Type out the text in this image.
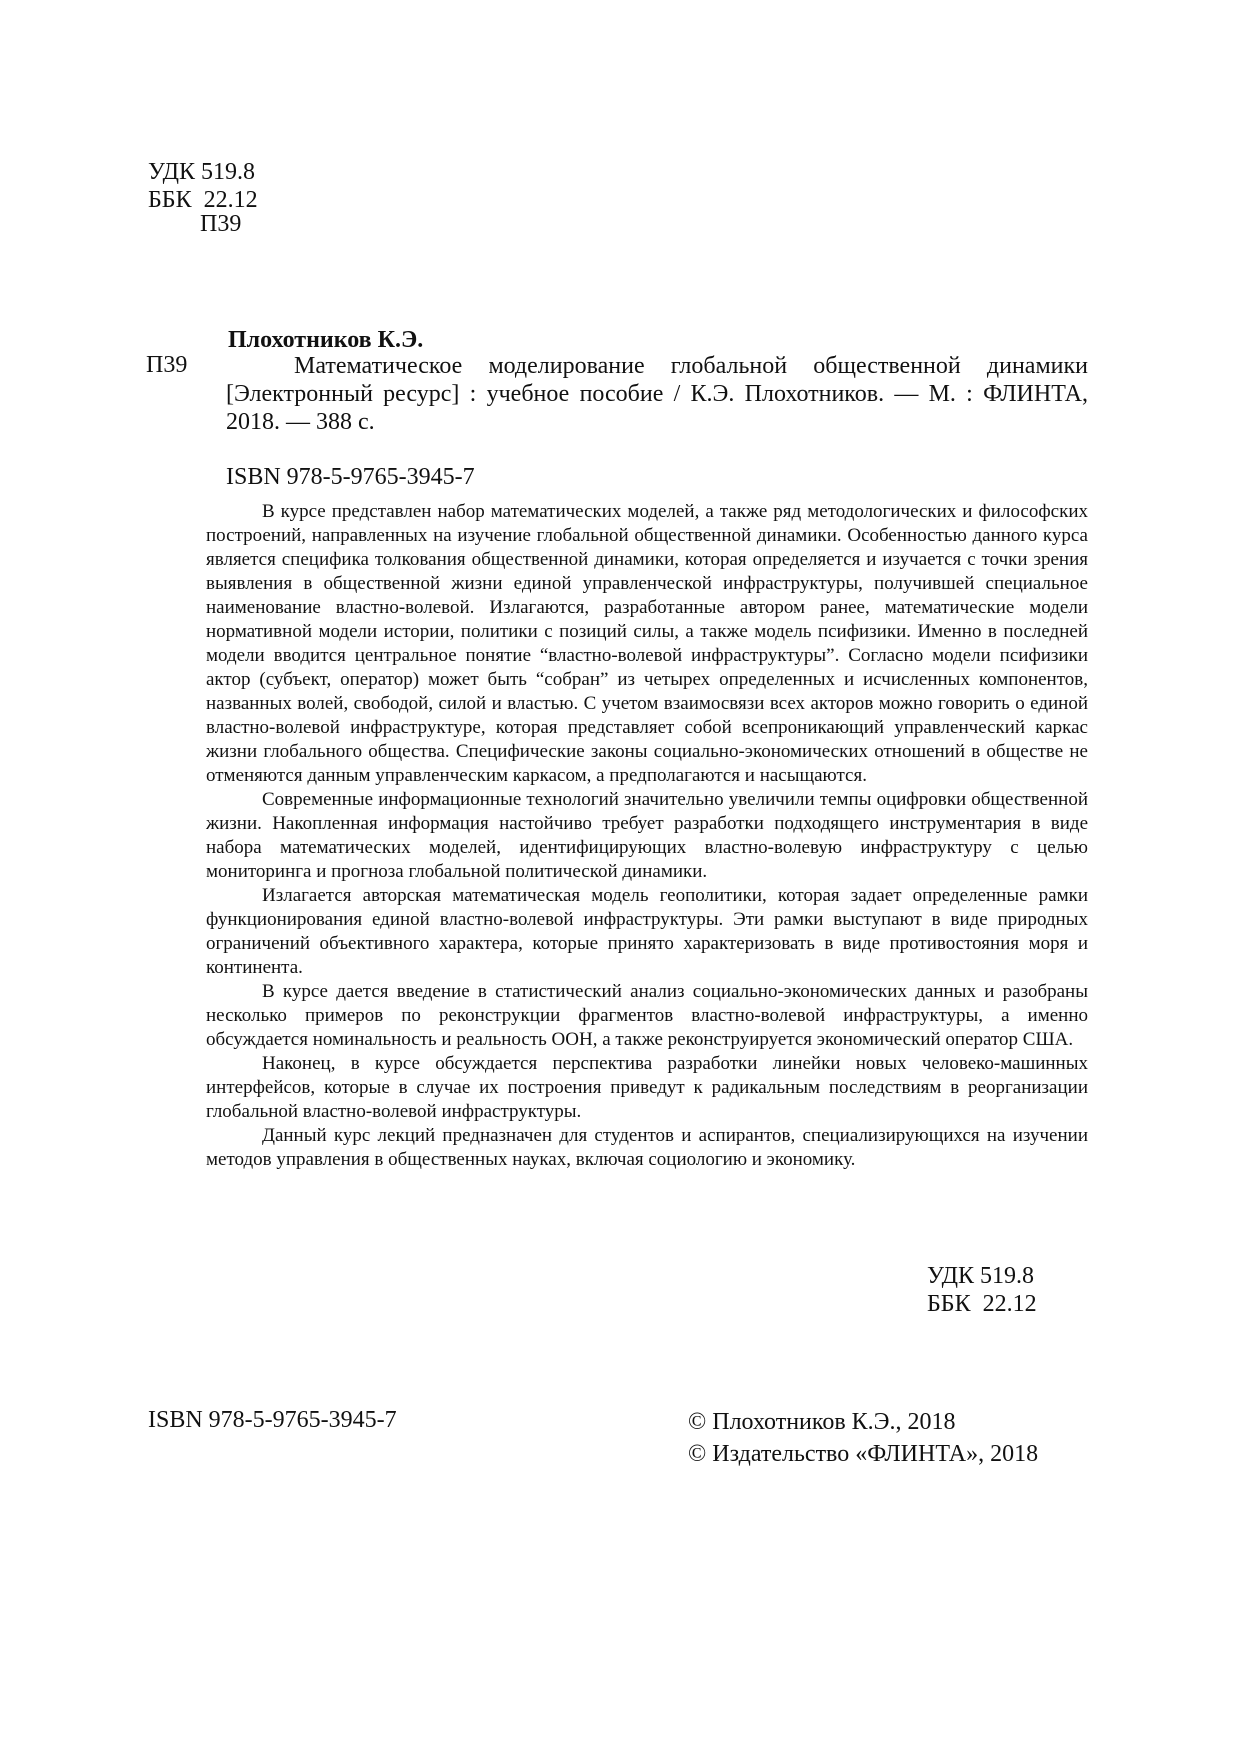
УДК 519.8
ББК  22.12
П39
П39
Плохотников К.Э.
Математическое моделирование глобальной общественной динамики [Электронный ресурс] : учебное пособие / К.Э. Плохотников. — М. : ФЛИНТА, 2018. — 388 с.
ISBN 978-5-9765-3945-7

В курсе представлен набор математических моделей, а также ряд методологических и философских построений, направленных на изучение глобальной общественной динамики. Особенностью данного курса является специфика толкования общественной динамики, которая определяется и изучается с точки зрения выявления в общественной жизни единой управленческой инфраструктуры, получившей специальное наименование властно-волевой. Излагаются, разработанные автором ранее, математические модели нормативной модели истории, политики с позиций силы, а также модель псифизики. Именно в последней модели вводится центральное понятие “властно-волевой инфраструктуры”. Согласно модели псифизики актор (субъект, оператор) может быть “собран” из четырех определенных и исчисленных компонентов, названных волей, свободой, силой и властью. С учетом взаимосвязи всех акторов можно говорить о единой властно-волевой инфраструктуре, которая представляет собой всепроникающий управленческий каркас жизни глобального общества. Специфические законы социально-экономических отношений в обществе не отменяются данным управленческим каркасом, а предполагаются и насыщаются.

Современные информационные технологий значительно увеличили темпы оцифровки общественной жизни. Накопленная информация настойчиво требует разработки подходящего инструментария в виде набора математических моделей, идентифицирующих властно-волевую инфраструктуру с целью мониторинга и прогноза глобальной политической динамики.

Излагается авторская математическая модель геополитики, которая задает определенные рамки функционирования единой властно-волевой инфраструктуры. Эти рамки выступают в виде природных ограничений объективного характера, которые принято характеризовать в виде противостояния моря и континента.

В курсе дается введение в статистический анализ социально-экономических данных и разобраны несколько примеров по реконструкции фрагментов властно-волевой инфраструктуры, а именно обсуждается номинальность и реальность ООН, а также реконструируется экономический оператор США.

Наконец, в курсе обсуждается перспектива разработки линейки новых человеко-машинных интерфейсов, которые в случае их построения приведут к радикальным последствиям в реорганизации глобальной властно-волевой инфраструктуры.

Данный курс лекций предназначен для студентов и аспирантов, специализирующихся на изучении методов управления в общественных науках, включая социологию и экономику.

УДК 519.8
ББК  22.12
ISBN 978-5-9765-3945-7	© Плохотников К.Э., 2018
© Издательство «ФЛИНТА», 2018
